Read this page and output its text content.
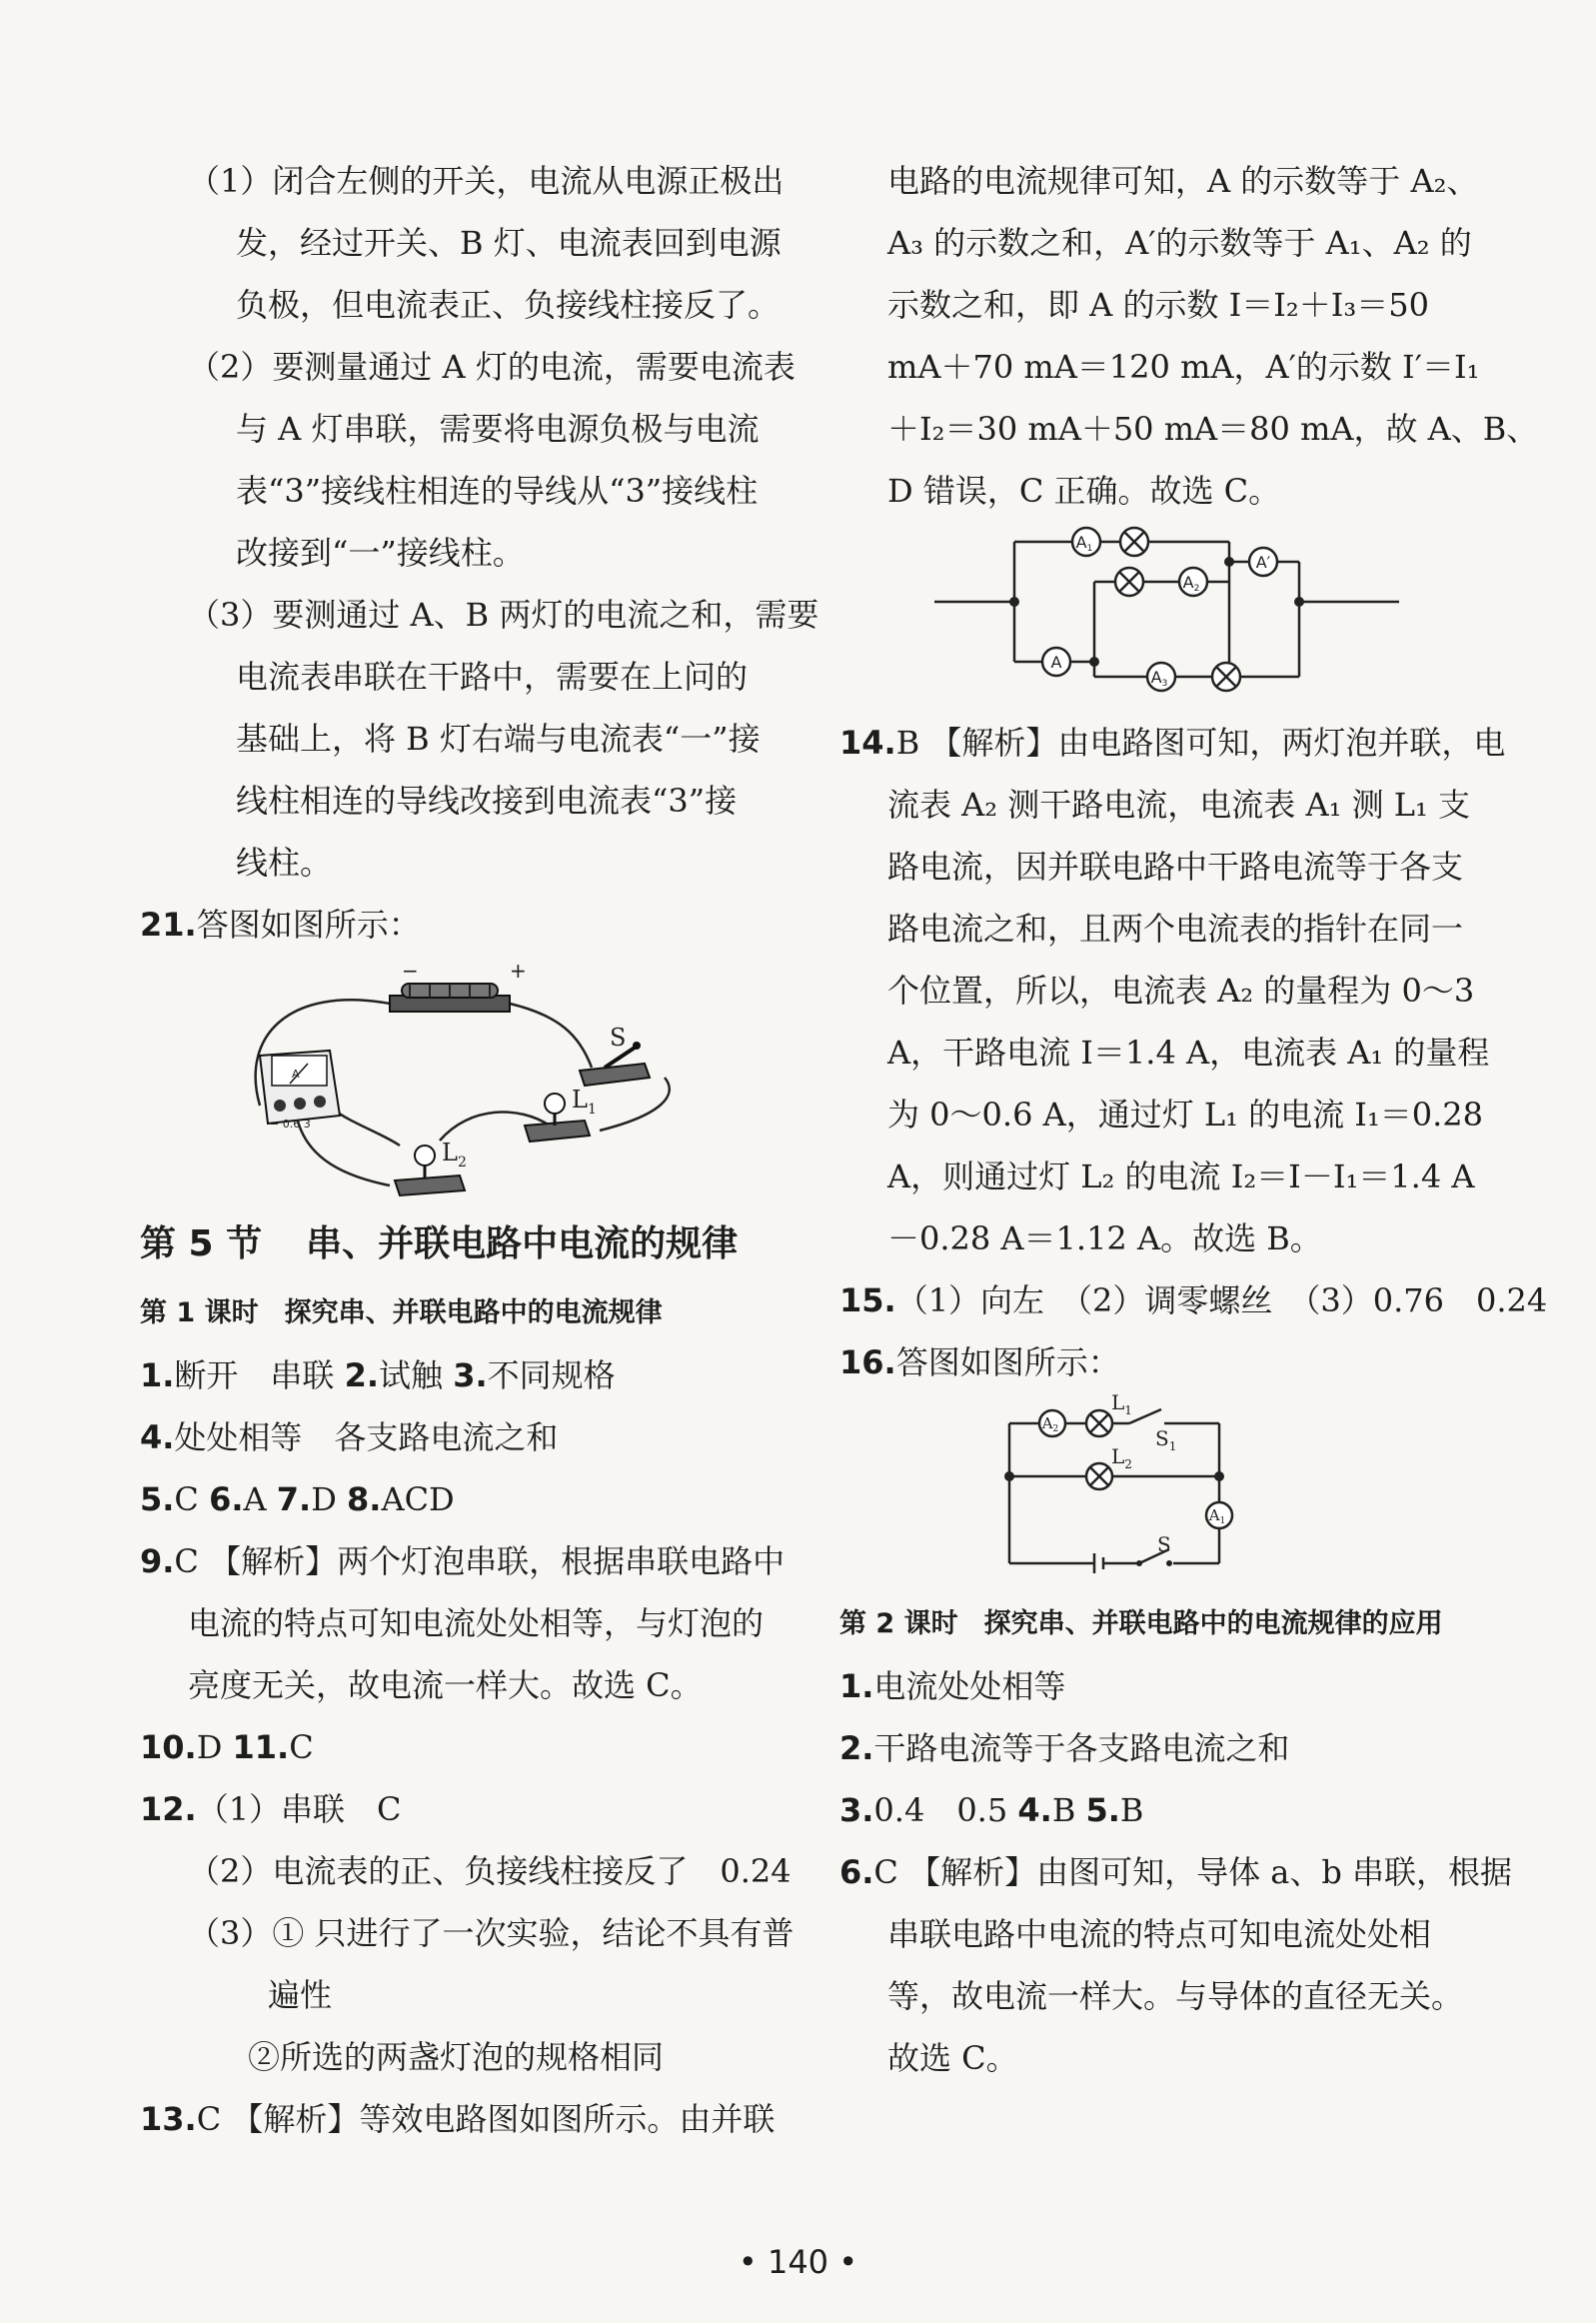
（1）闭合左侧的开关，电流从电源正极出
发，经过开关、B 灯、电流表回到电源
负极，但电流表正、负接线柱接反了。
（2）要测量通过 A 灯的电流，需要电流表
与 A 灯串联，需要将电源负极与电流
表“3”接线柱相连的导线从“3”接线柱
改接到“一”接线柱。
（3）要测通过 A、B 两灯的电流之和，需要
电流表串联在干路中，需要在上问的
基础上，将 B 灯右端与电流表“一”接
线柱相连的导线改接到电流表“3”接
线柱。
21.答图如图所示：
−	+
S
A
− 0.6 3
$L_1$
$L_2$
第 5 节 串、并联电路中电流的规律
第 1 课时 探究串、并联电路中的电流规律
1.断开　串联 2.试触 3.不同规格
4.处处相等　各支路电流之和
5.C 6.A 7.D 8.ACD
9.C 【解析】两个灯泡串联，根据串联电路中
电流的特点可知电流处处相等，与灯泡的
亮度无关，故电流一样大。故选 C。
10.D 11.C
12.（1）串联　C
（2）电流表的正、负接线柱接反了　0.24
（3）① 只进行了一次实验，结论不具有普
遍性
②所选的两盏灯泡的规格相同
13.C 【解析】等效电路图如图所示。由并联
电路的电流规律可知，A 的示数等于 A₂、
A₃ 的示数之和，A′的示数等于 A₁、A₂ 的
示数之和，即 A 的示数 I＝I₂＋I₃＝50
mA＋70 mA＝120 mA，A′的示数 I′＝I₁
＋I₂＝30 mA＋50 mA＝80 mA，故 A、B、
D 错误，C 正确。故选 C。
A1
A2
A3
A
A′
14.B 【解析】由电路图可知，两灯泡并联，电
流表 A₂ 测干路电流，电流表 A₁ 测 L₁ 支
路电流，因并联电路中干路电流等于各支
路电流之和，且两个电流表的指针在同一
个位置，所以，电流表 A₂ 的量程为 0～3
A，干路电流 I＝1.4 A，电流表 A₁ 的量程
为 0～0.6 A，通过灯 L₁ 的电流 I₁＝0.28
A，则通过灯 L₂ 的电流 I₂＝I－I₁＝1.4 A
－0.28 A＝1.12 A。故选 B。
15.（1）向左　（2）调零螺丝　（3）0.76　0.24
16.答图如图所示：
$A_2$
$A_1$
$L_1$
$L_2$
$S_1$
S
第 2 课时 探究串、并联电路中的电流规律的应用
1.电流处处相等
2.干路电流等于各支路电流之和
3.0.4　0.5 4.B 5.B
6.C 【解析】由图可知，导体 a、b 串联，根据
串联电路中电流的特点可知电流处处相
等，故电流一样大。与导体的直径无关。
故选 C。
• 140 •
